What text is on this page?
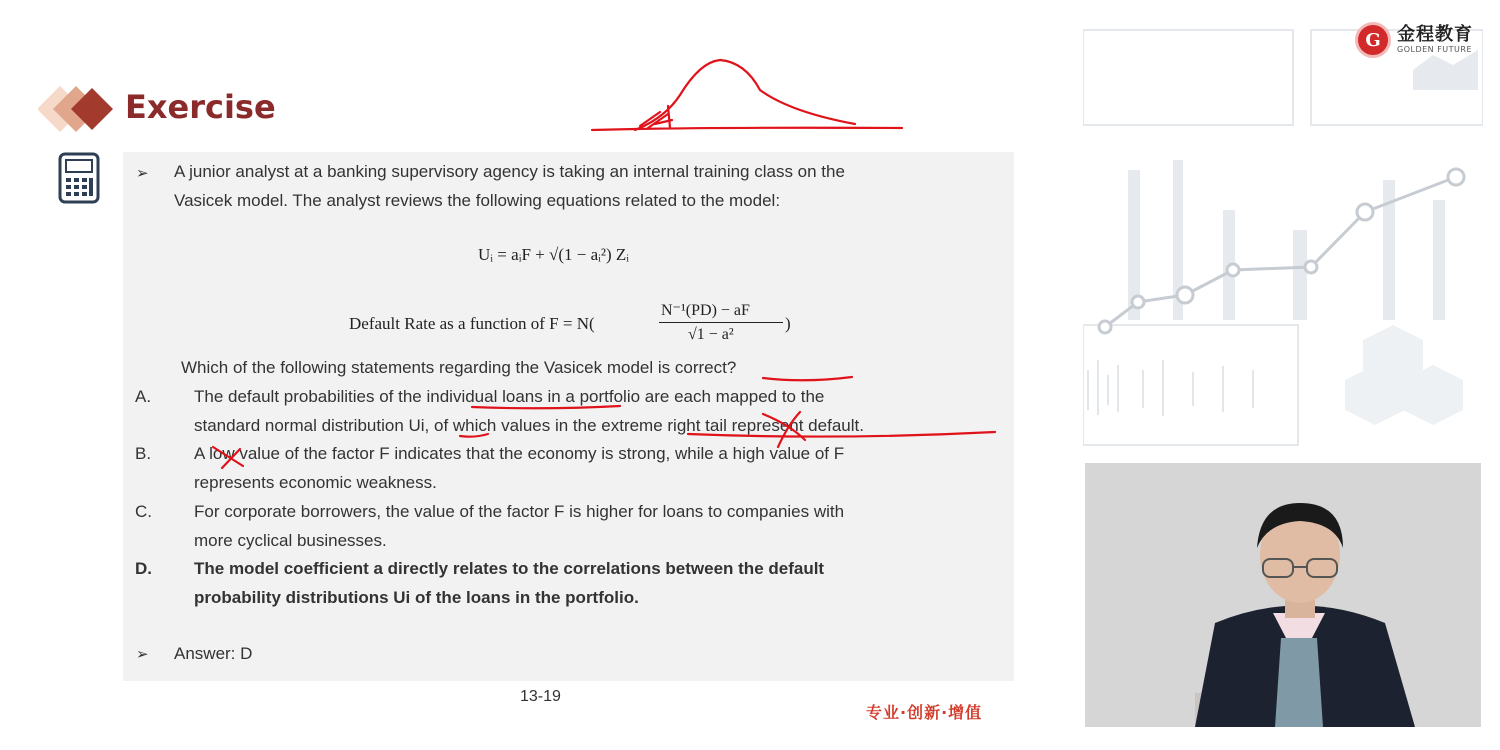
G 金程教育
GOLDEN FUTURE
Exercise
➢ A junior analyst at a banking supervisory agency is taking an internal training class on the
Vasicek model. The analyst reviews the following equations related to the model:
Uᵢ = aᵢF + √(1 − aᵢ²) Zᵢ
Default Rate as a function of F = N(
N⁻¹(PD) − aF
√1 − a²
)
Which of the following statements regarding the Vasicek model is correct?
A.	The default probabilities of the individual loans in a portfolio are each mapped to the
standard normal distribution Ui, of which values in the extreme right tail represent default.
B.	A low value of the factor F indicates that the economy is strong, while a high value of F
represents economic weakness.
C. For corporate borrowers, the value of the factor F is higher for loans to companies with
more cyclical businesses.
D. The model coefficient a directly relates to the correlations between the default
probability distributions Ui of the loans in the portfolio.
➢ Answer: D
13-19
专业·创新·增值
